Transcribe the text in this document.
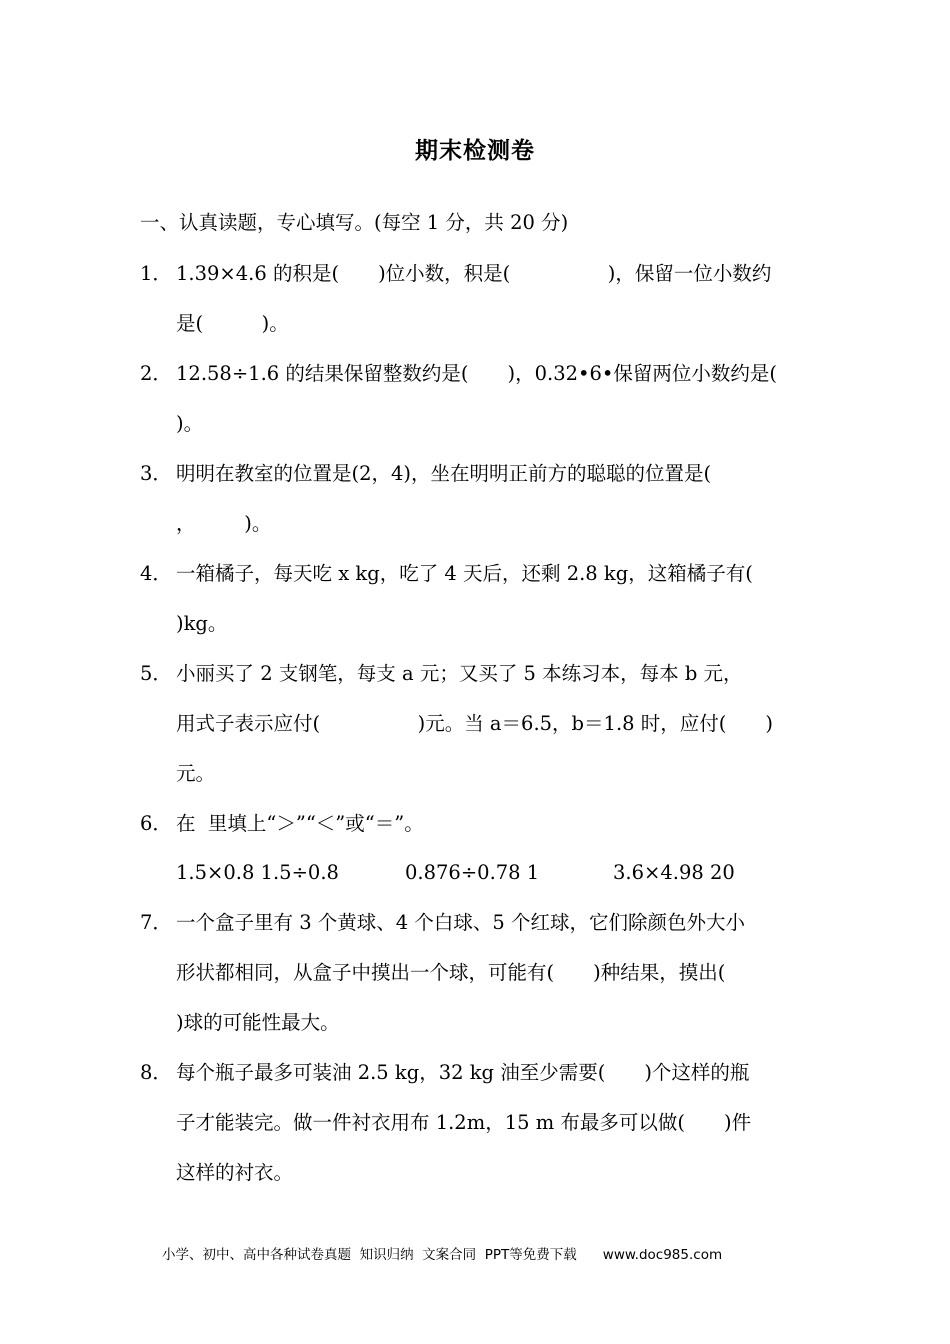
期末检测卷
一、认真读题，专心填写。(每空 1 分，共 20 分)
1． 1.39×4.6 的积是(　　)位小数，积是(　　　　　)，保留一位小数约
是(　　　)。
2． 12.58÷1.6 的结果保留整数约是(　　)，0.32•6•保留两位小数约是(
)。
3． 明明在教室的位置是(2，4)，坐在明明正前方的聪聪的位置是(
，　　　)。
4． 一箱橘子，每天吃 x kg，吃了 4 天后，还剩 2.8 kg，这箱橘子有(
)kg。
5． 小丽买了 2 支钢笔，每支 a 元；又买了 5 本练习本，每本 b 元，
用式子表示应付(　　　　　)元。当 a＝6.5，b＝1.8 时，应付(　　)
元。
6． 在  里填上“＞”“＜”或“＝”。
1.5×0.8 1.5÷0.8	0.876÷0.78 1	3.6×4.98 20
7． 一个盒子里有 3 个黄球、4 个白球、5 个红球，它们除颜色外大小
形状都相同，从盒子中摸出一个球，可能有(　　)种结果，摸出(
)球的可能性最大。
8． 每个瓶子最多可装油 2.5 kg，32 kg 油至少需要(　　)个这样的瓶
子才能装完。做一件衬衣用布 1.2m，15 m 布最多可以做(　　)件
这样的衬衣。
小学、初中、高中各种试卷真题  知识归纳  文案合同  PPT等免费下载 www.doc985.com
